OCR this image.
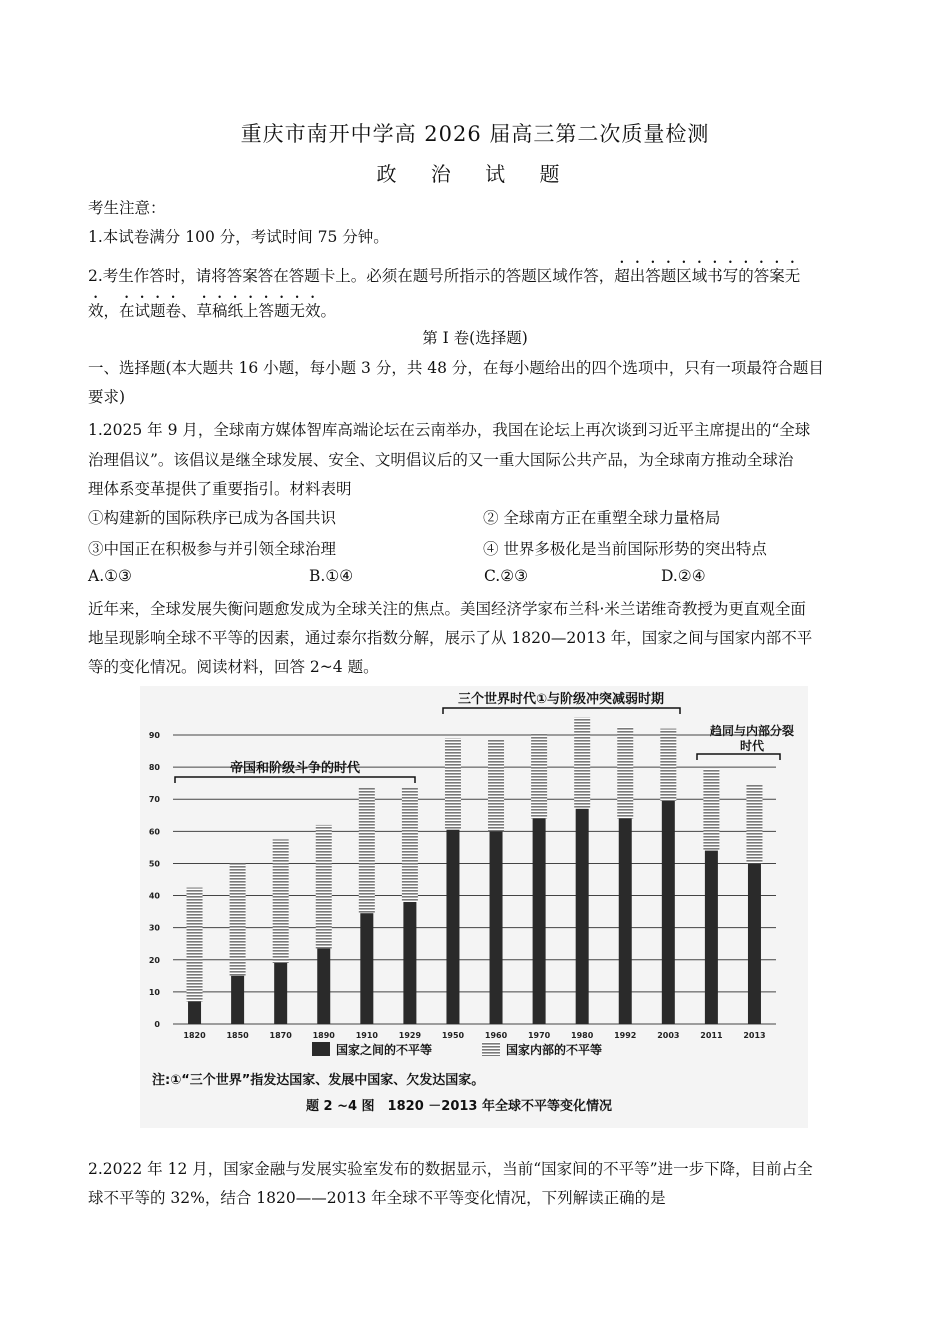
重庆市南开中学高 2026 届高三第二次质量检测
政 治 试 题
考生注意：
1.本试卷满分 100 分，考试时间 75 分钟。
2.考生作答时，请将答案答在答题卡上。必须在题号所指示的答题区域作答，超出答题区域书写的答案无
效，在试题卷、草稿纸上答题无效。
第 I 卷(选择题)
一、选择题(本大题共 16 小题，每小题 3 分，共 48 分，在每小题给出的四个选项中，只有一项最符合题目
要求)
1.2025 年 9 月，全球南方媒体智库高端论坛在云南举办，我国在论坛上再次谈到习近平主席提出的“全球
治理倡议”。该倡议是继全球发展、安全、文明倡议后的又一重大国际公共产品，为全球南方推动全球治
理体系变革提供了重要指引。材料表明
①构建新的国际秩序已成为各国共识	② 全球南方正在重塑全球力量格局
③中国正在积极参与并引领全球治理	④ 世界多极化是当前国际形势的突出特点
A.①③	B.①④	C.②③	D.②④
近年来，全球发展失衡问题愈发成为全球关注的焦点。美国经济学家布兰科·米兰诺维奇教授为更直观全面
地呈现影响全球不平等的因素，通过泰尔指数分解，展示了从 1820—2013 年，国家之间与国家内部不平
等的变化情况。阅读材料，回答 2~4 题。
0
10
20
30
40
50
60
70
80
90
1820	1850	1870	1890	1910	1929	1950	1960	1970	1980	1992	2003	2011	2013
帝国和阶级斗争的时代
三个世界时代①与阶级冲突减弱时期
趋同与内部分裂
时代
国家之间的不平等	国家内部的不平等
注:①“三个世界”指发达国家、发展中国家、欠发达国家。
题 2 ~4 图　1820 －2013 年全球不平等变化情况
2.2022 年 12 月，国家金融与发展实验室发布的数据显示，当前“国家间的不平等”进一步下降，目前占全
球不平等的 32%，结合 1820——2013 年全球不平等变化情况，下列解读正确的是
